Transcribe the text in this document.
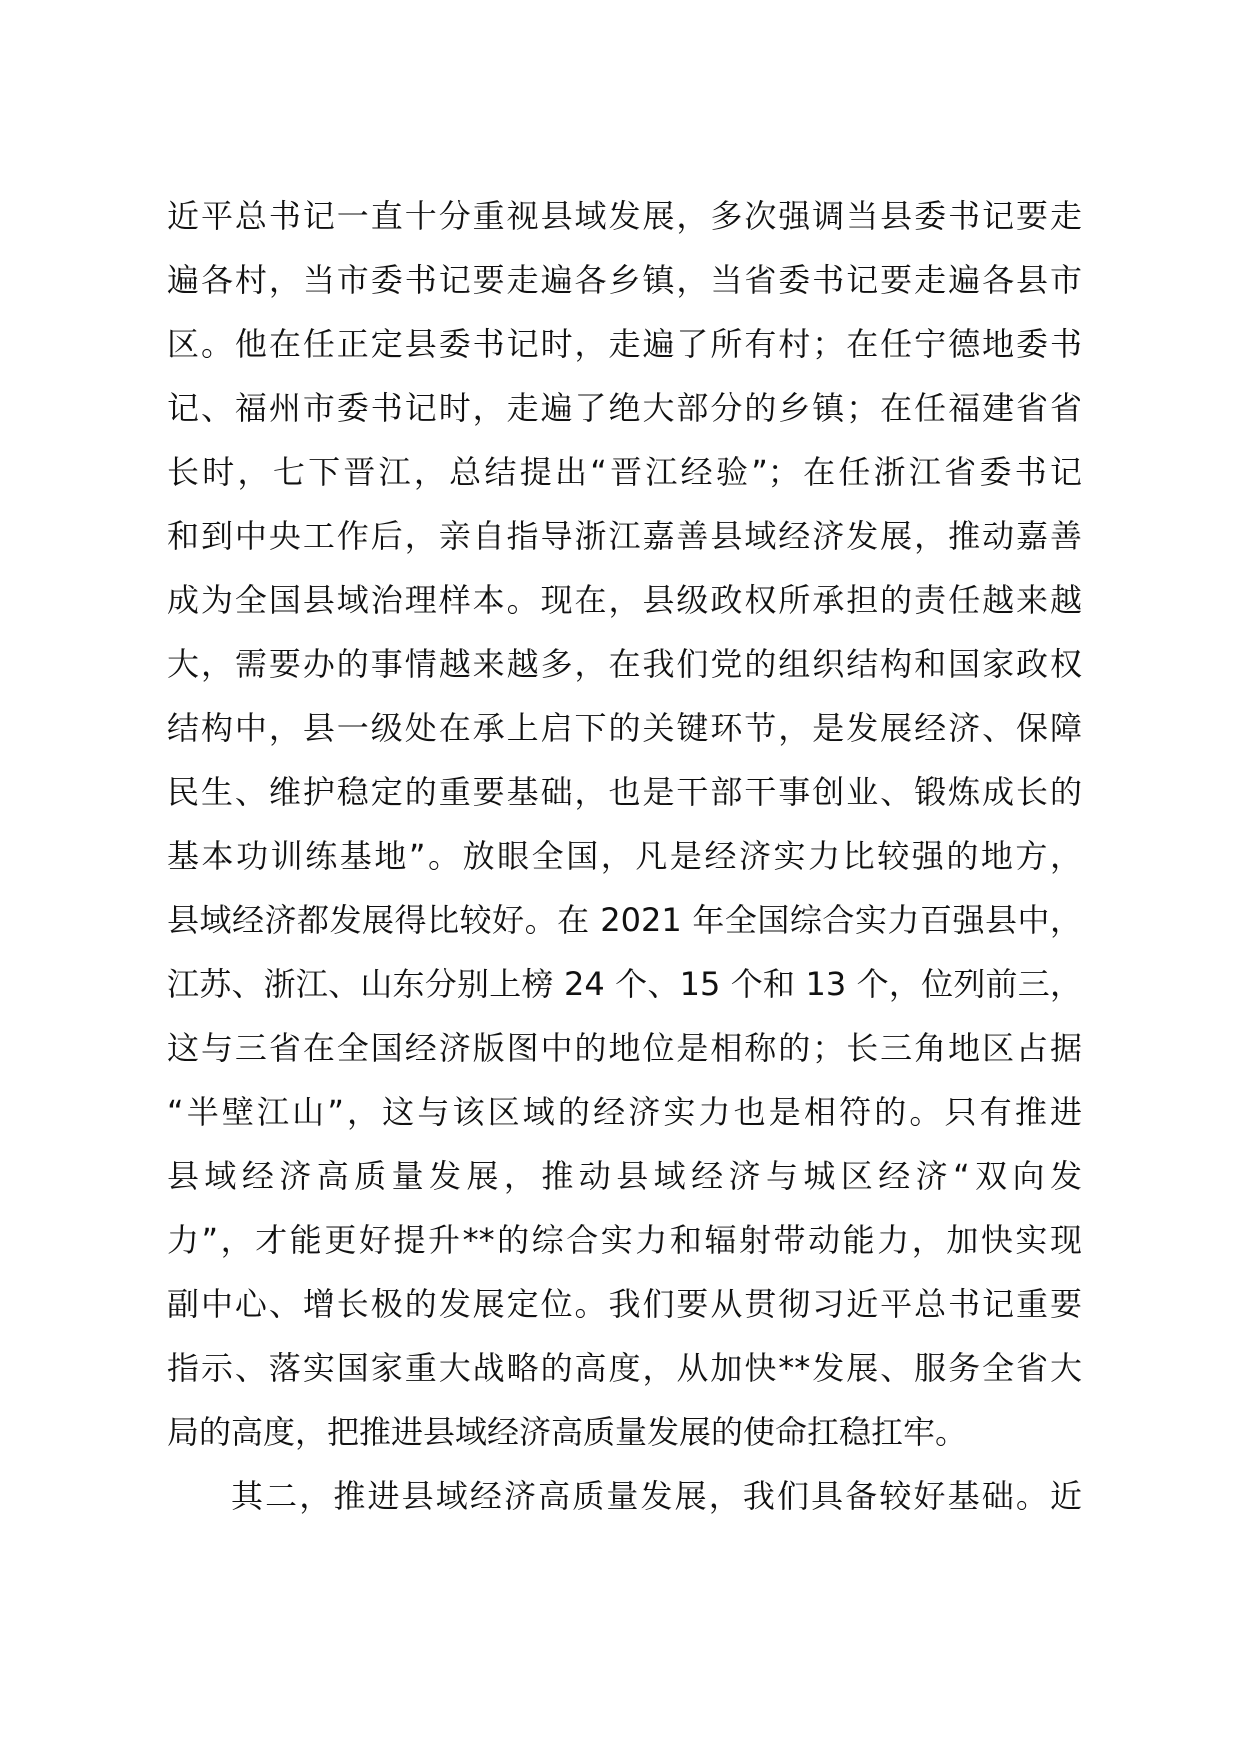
近平总书记一直十分重视县域发展，多次强调当县委书记要走
遍各村，当市委书记要走遍各乡镇，当省委书记要走遍各县市
区。他在任正定县委书记时，走遍了所有村；在任宁德地委书
记、福州市委书记时，走遍了绝大部分的乡镇；在任福建省省
长时，七下晋江，总结提出“晋江经验”；在任浙江省委书记
和到中央工作后，亲自指导浙江嘉善县域经济发展，推动嘉善
成为全国县域治理样本。现在，县级政权所承担的责任越来越
大，需要办的事情越来越多，在我们党的组织结构和国家政权
结构中，县一级处在承上启下的关键环节，是发展经济、保障
民生、维护稳定的重要基础，也是干部干事创业、锻炼成长的
基本功训练基地”。放眼全国，凡是经济实力比较强的地方，
县域经济都发展得比较好。在 2021 年全国综合实力百强县中，
江苏、浙江、山东分别上榜 24 个、15 个和 13 个，位列前三，
这与三省在全国经济版图中的地位是相称的；长三角地区占据
“半壁江山”，这与该区域的经济实力也是相符的。只有推进
县域经济高质量发展，推动县域经济与城区经济“双向发
力”，才能更好提升**的综合实力和辐射带动能力，加快实现
副中心、增长极的发展定位。我们要从贯彻习近平总书记重要
指示、落实国家重大战略的高度，从加快**发展、服务全省大
局的高度，把推进县域经济高质量发展的使命扛稳扛牢。
其二，推进县域经济高质量发展，我们具备较好基础。近
